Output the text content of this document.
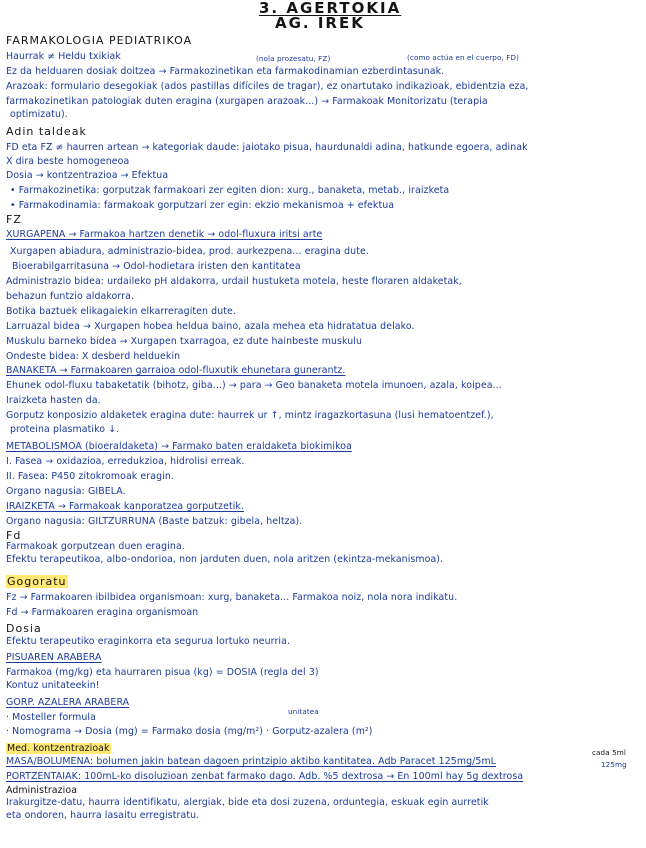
3. AGERTOKIA
AG. IREK
FARMAKOLOGIA PEDIATRIKOA
Haurrak ≠ Heldu txikiak	(nola prozesatu, FZ)	(como actúa en el cuerpo, FD)
Ez da helduaren dosiak doitzea → Farmakozinetikan eta farmakodinamian ezberdintasunak.
Arazoak: formulario desegokiak (ados pastillas difíciles de tragar), ez onartutako indikazioak, ebidentzia eza,
farmakozinetikan patologiak duten eragina (xurgapen arazoak...) → Farmakoak Monitorizatu (terapia
optimizatu).
Adin taldeak
FD eta FZ ≠ haurren artean → kategoriak daude: jaiotako pisua, haurdunaldi adina, hatkunde egoera, adinak
X dira beste homogeneoa
Dosia → kontzentrazioa → Efektua
• Farmakozinetika: gorputzak farmakoari zer egiten dion: xurg., banaketa, metab., iraizketa
• Farmakodinamia: farmakoak gorputzari zer egin: ekzio mekanismoa + efektua
FZ
XURGAPENA → Farmakoa hartzen denetik → odol-fluxura iritsi arte
Xurgapen abiadura, administrazio-bidea, prod. aurkezpena... eragina dute.
Bioerabilgarritasuna → Odol-hodietara iristen den kantitatea
Administrazio bidea: urdaileko pH aldakorra, urdail hustuketa motela, heste floraren aldaketak,
behazun funtzio aldakorra.
Botika baztuek elikagaiekin elkarreragiten dute.
Larruazal bidea → Xurgapen hobea heldua baino, azala mehea eta hidratatua delako.
Muskulu barneko bidea → Xurgapen txarragoa, ez dute hainbeste muskulu
Ondeste bidea: X desberd helduekin
BANAKETA → Farmakoaren garraioa odol-fluxutik ehunetara gunerantz.
Ehunek odol-fluxu tabaketatik (bihotz, giba...) → para → Geo banaketa motela imunoen, azala, koipea...
Iraizketa hasten da.
Gorputz konposizio aldaketek eragina dute: haurrek ur ↑, mintz iragazkortasuna (lusi hematoentzef.),
proteina plasmatiko ↓.
METABOLISMOA (bioeraldaketa) → Farmako baten eraldaketa biokimikoa
I. Fasea → oxidazioa, erredukzioa, hidrolisi erreak.
II. Fasea: P450 zitokromoak eragin.
Organo nagusia: GIBELA.
IRAIZKETA → Farmakoak kanporatzea gorputzetik.
Organo nagusia: GILTZURRUNA (Baste batzuk: gibela, heltza).
Fd
Farmakoak gorputzean duen eragina.
Efektu terapeutikoa, albo-ondorioa, non jarduten duen, nola aritzen (ekintza-mekanismoa).
Gogoratu
Fz → Farmakoaren ibilbidea organismoan: xurg, banaketa... Farmakoa noiz, nola nora indikatu.
Fd → Farmakoaren eragina organismoan
Dosia
Efektu terapeutiko eraginkorra eta segurua lortuko neurria.
PISUAREN ARABERA
Farmakoa (mg/kg) eta haurraren pisua (kg) = DOSIA (regla del 3)
Kontuz unitateekin!
GORP. AZALERA ARABERA
· Mosteller formula
unitatea
· Nomograma → Dosia (mg) = Farmako dosia (mg/m²) · Gorputz-azalera (m²)
Med. kontzentrazioak
MASA/BOLUMENA: bolumen jakin batean dagoen printzipio aktibo kantitatea. Adb Paracet 125mg/5mL
cada 5ml
125mg
PORTZENTAIAK: 100mL-ko disoluzioan zenbat farmako dago. Adb. %5 dextrosa → En 100ml hay 5g dextrosa
Administrazioa
Irakurgitze-datu, haurra identifikatu, alergiak, bide eta dosi zuzena, orduntegia, eskuak egin aurretik
eta ondoren, haurra lasaitu erregistratu.
